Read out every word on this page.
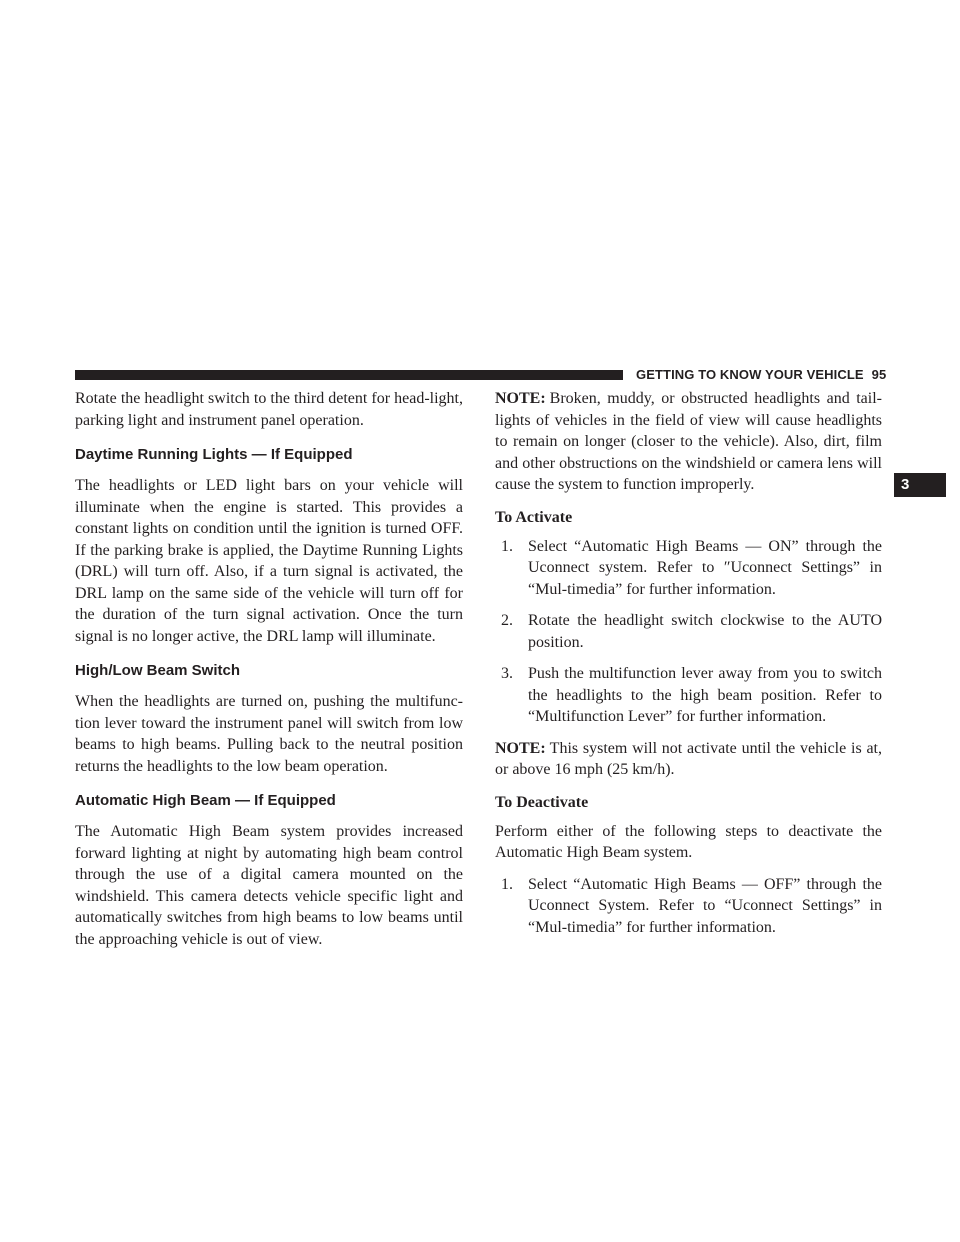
GETTING TO KNOW YOUR VEHICLE 95
3

Rotate the headlight switch to the third detent for head-light, parking light and instrument panel operation.

Daytime Running Lights — If Equipped

The headlights or LED light bars on your vehicle will illuminate when the engine is started. This provides a constant lights on condition until the ignition is turned OFF. If the parking brake is applied, the Daytime Running Lights (DRL) will turn off. Also, if a turn signal is activated, the DRL lamp on the same side of the vehicle will turn off for the duration of the turn signal activation. Once the turn signal is no longer active, the DRL lamp will illuminate.

High/Low Beam Switch

When the headlights are turned on, pushing the multifunc-tion lever toward the instrument panel will switch from low beams to high beams. Pulling back to the neutral position returns the headlights to the low beam operation.

Automatic High Beam — If Equipped

The Automatic High Beam system provides increased forward lighting at night by automating high beam control through the use of a digital camera mounted on the windshield. This camera detects vehicle specific light and automatically switches from high beams to low beams until the approaching vehicle is out of view.

NOTE: Broken, muddy, or obstructed headlights and tail-lights of vehicles in the field of view will cause headlights to remain on longer (closer to the vehicle). Also, dirt, film and other obstructions on the windshield or camera lens will cause the system to function improperly.

To Activate
1. Select “Automatic High Beams — ON” through the Uconnect system. Refer to ″Uconnect Settings” in “Mul-timedia” for further information.
2. Rotate the headlight switch clockwise to the AUTO position.
3. Push the multifunction lever away from you to switch the headlights to the high beam position. Refer to “Multifunction Lever” for further information.

NOTE: This system will not activate until the vehicle is at, or above 16 mph (25 km/h).

To Deactivate

Perform either of the following steps to deactivate the Automatic High Beam system.

1. Select “Automatic High Beams — OFF” through the Uconnect System. Refer to “Uconnect Settings” in “Mul-timedia” for further information.
